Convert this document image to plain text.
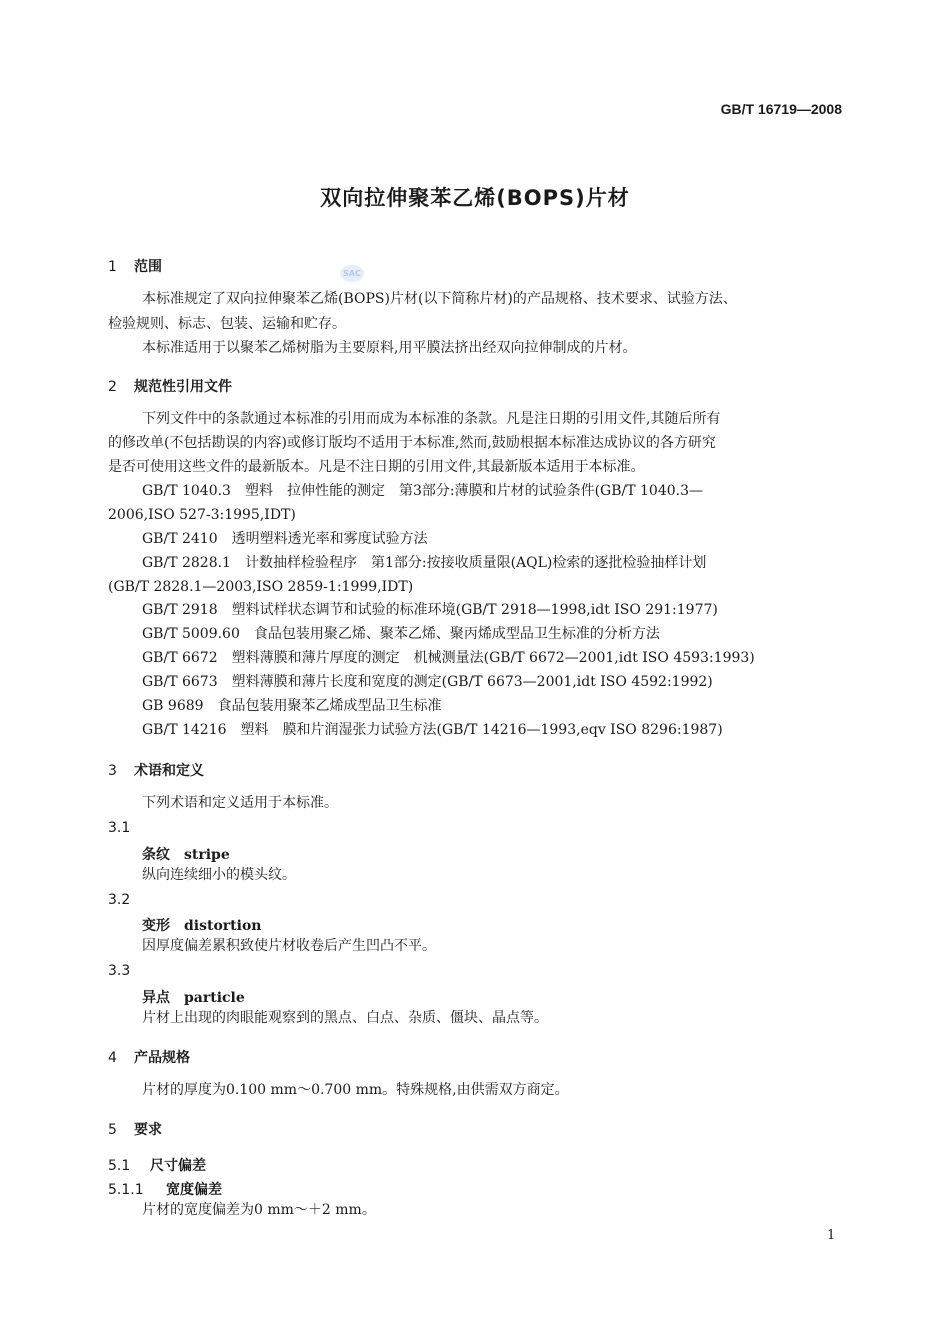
GB/T 16719—2008
双向拉伸聚苯乙烯(BOPS)片材
SAC
1 范围
本标准规定了双向拉伸聚苯乙烯(BOPS)片材(以下简称片材)的产品规格、技术要求、试验方法、
检验规则、标志、包装、运输和贮存。
本标准适用于以聚苯乙烯树脂为主要原料,用平膜法挤出经双向拉伸制成的片材。
2 规范性引用文件
下列文件中的条款通过本标准的引用而成为本标准的条款。凡是注日期的引用文件,其随后所有
的修改单(不包括勘误的内容)或修订版均不适用于本标准,然而,鼓励根据本标准达成协议的各方研究
是否可使用这些文件的最新版本。凡是不注日期的引用文件,其最新版本适用于本标准。
GB/T 1040.3　塑料　拉伸性能的测定　第3部分:薄膜和片材的试验条件(GB/T 1040.3—
2006,ISO 527-3:1995,IDT)
GB/T 2410　透明塑料透光率和雾度试验方法
GB/T 2828.1　计数抽样检验程序　第1部分:按接收质量限(AQL)检索的逐批检验抽样计划
(GB/T 2828.1—2003,ISO 2859-1:1999,IDT)
GB/T 2918　塑料试样状态调节和试验的标准环境(GB/T 2918—1998,idt ISO 291:1977)
GB/T 5009.60　食品包装用聚乙烯、聚苯乙烯、聚丙烯成型品卫生标准的分析方法
GB/T 6672　塑料薄膜和薄片厚度的测定　机械测量法(GB/T 6672—2001,idt ISO 4593:1993)
GB/T 6673　塑料薄膜和薄片长度和宽度的测定(GB/T 6673—2001,idt ISO 4592:1992)
GB 9689　食品包装用聚苯乙烯成型品卫生标准
GB/T 14216　塑料　膜和片润湿张力试验方法(GB/T 14216—1993,eqv ISO 8296:1987)
3 术语和定义
下列术语和定义适用于本标准。
3.1
条纹 stripe
纵向连续细小的模头纹。
3.2
变形 distortion
因厚度偏差累积致使片材收卷后产生凹凸不平。
3.3
异点 particle
片材上出现的肉眼能观察到的黑点、白点、杂质、僵块、晶点等。
4 产品规格
片材的厚度为0.100 mm～0.700 mm。特殊规格,由供需双方商定。
5 要求
5.1 尺寸偏差
5.1.1 宽度偏差
片材的宽度偏差为0 mm～＋2 mm。
1
